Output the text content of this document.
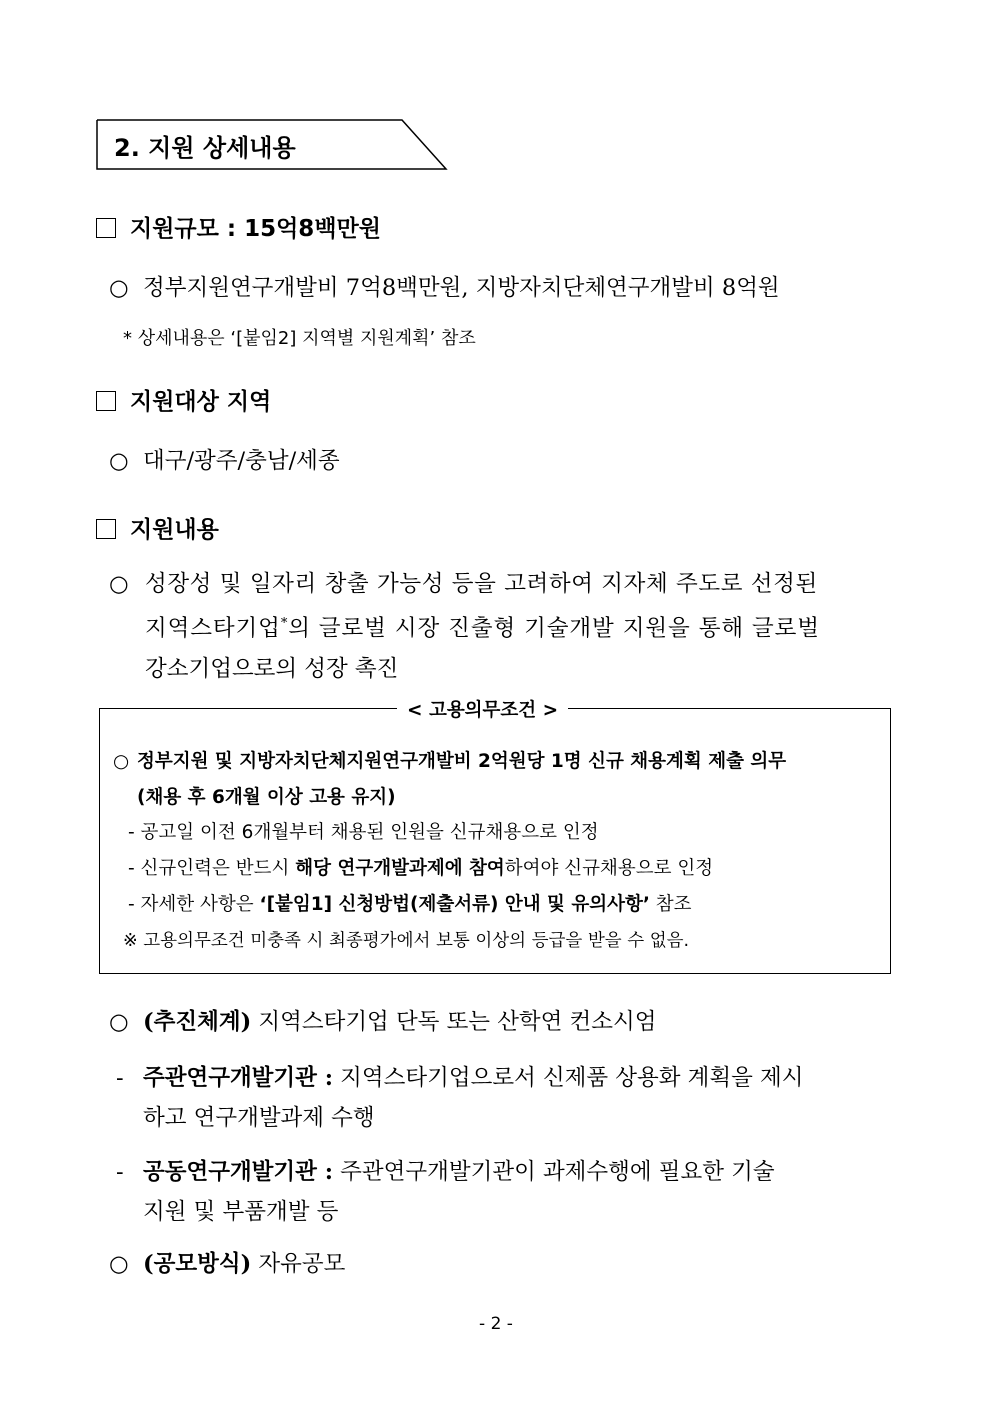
2. 지원 상세내용
지원규모 : 15억8백만원
○ 정부지원연구개발비 7억8백만원, 지방자치단체연구개발비 8억원
* 상세내용은 ‘[붙임2] 지역별 지원계획’ 참조
지원대상 지역
○ 대구/광주/충남/세종
지원내용
○ 성장성 및 일자리 창출 가능성 등을 고려하여 지자체 주도로 선정된
지역스타기업*의 글로벌 시장 진출형 기술개발 지원을 통해 글로벌
강소기업으로의 성장 촉진
< 고용의무조건 >
○ 정부지원 및 지방자치단체지원연구개발비 2억원당 1명 신규 채용계획 제출 의무
(채용 후 6개월 이상 고용 유지)
- 공고일 이전 6개월부터 채용된 인원을 신규채용으로 인정
- 신규인력은 반드시 해당 연구개발과제에 참여하여야 신규채용으로 인정
- 자세한 사항은 ‘[붙임1] 신청방법(제출서류) 안내 및 유의사항’ 참조
※ 고용의무조건 미충족 시 최종평가에서 보통 이상의 등급을 받을 수 없음.
○ (추진체계) 지역스타기업 단독 또는 산학연 컨소시엄
- 주관연구개발기관 : 지역스타기업으로서 신제품 상용화 계획을 제시
하고 연구개발과제 수행
- 공동연구개발기관 : 주관연구개발기관이 과제수행에 필요한 기술
지원 및 부품개발 등
○ (공모방식) 자유공모
- 2 -
